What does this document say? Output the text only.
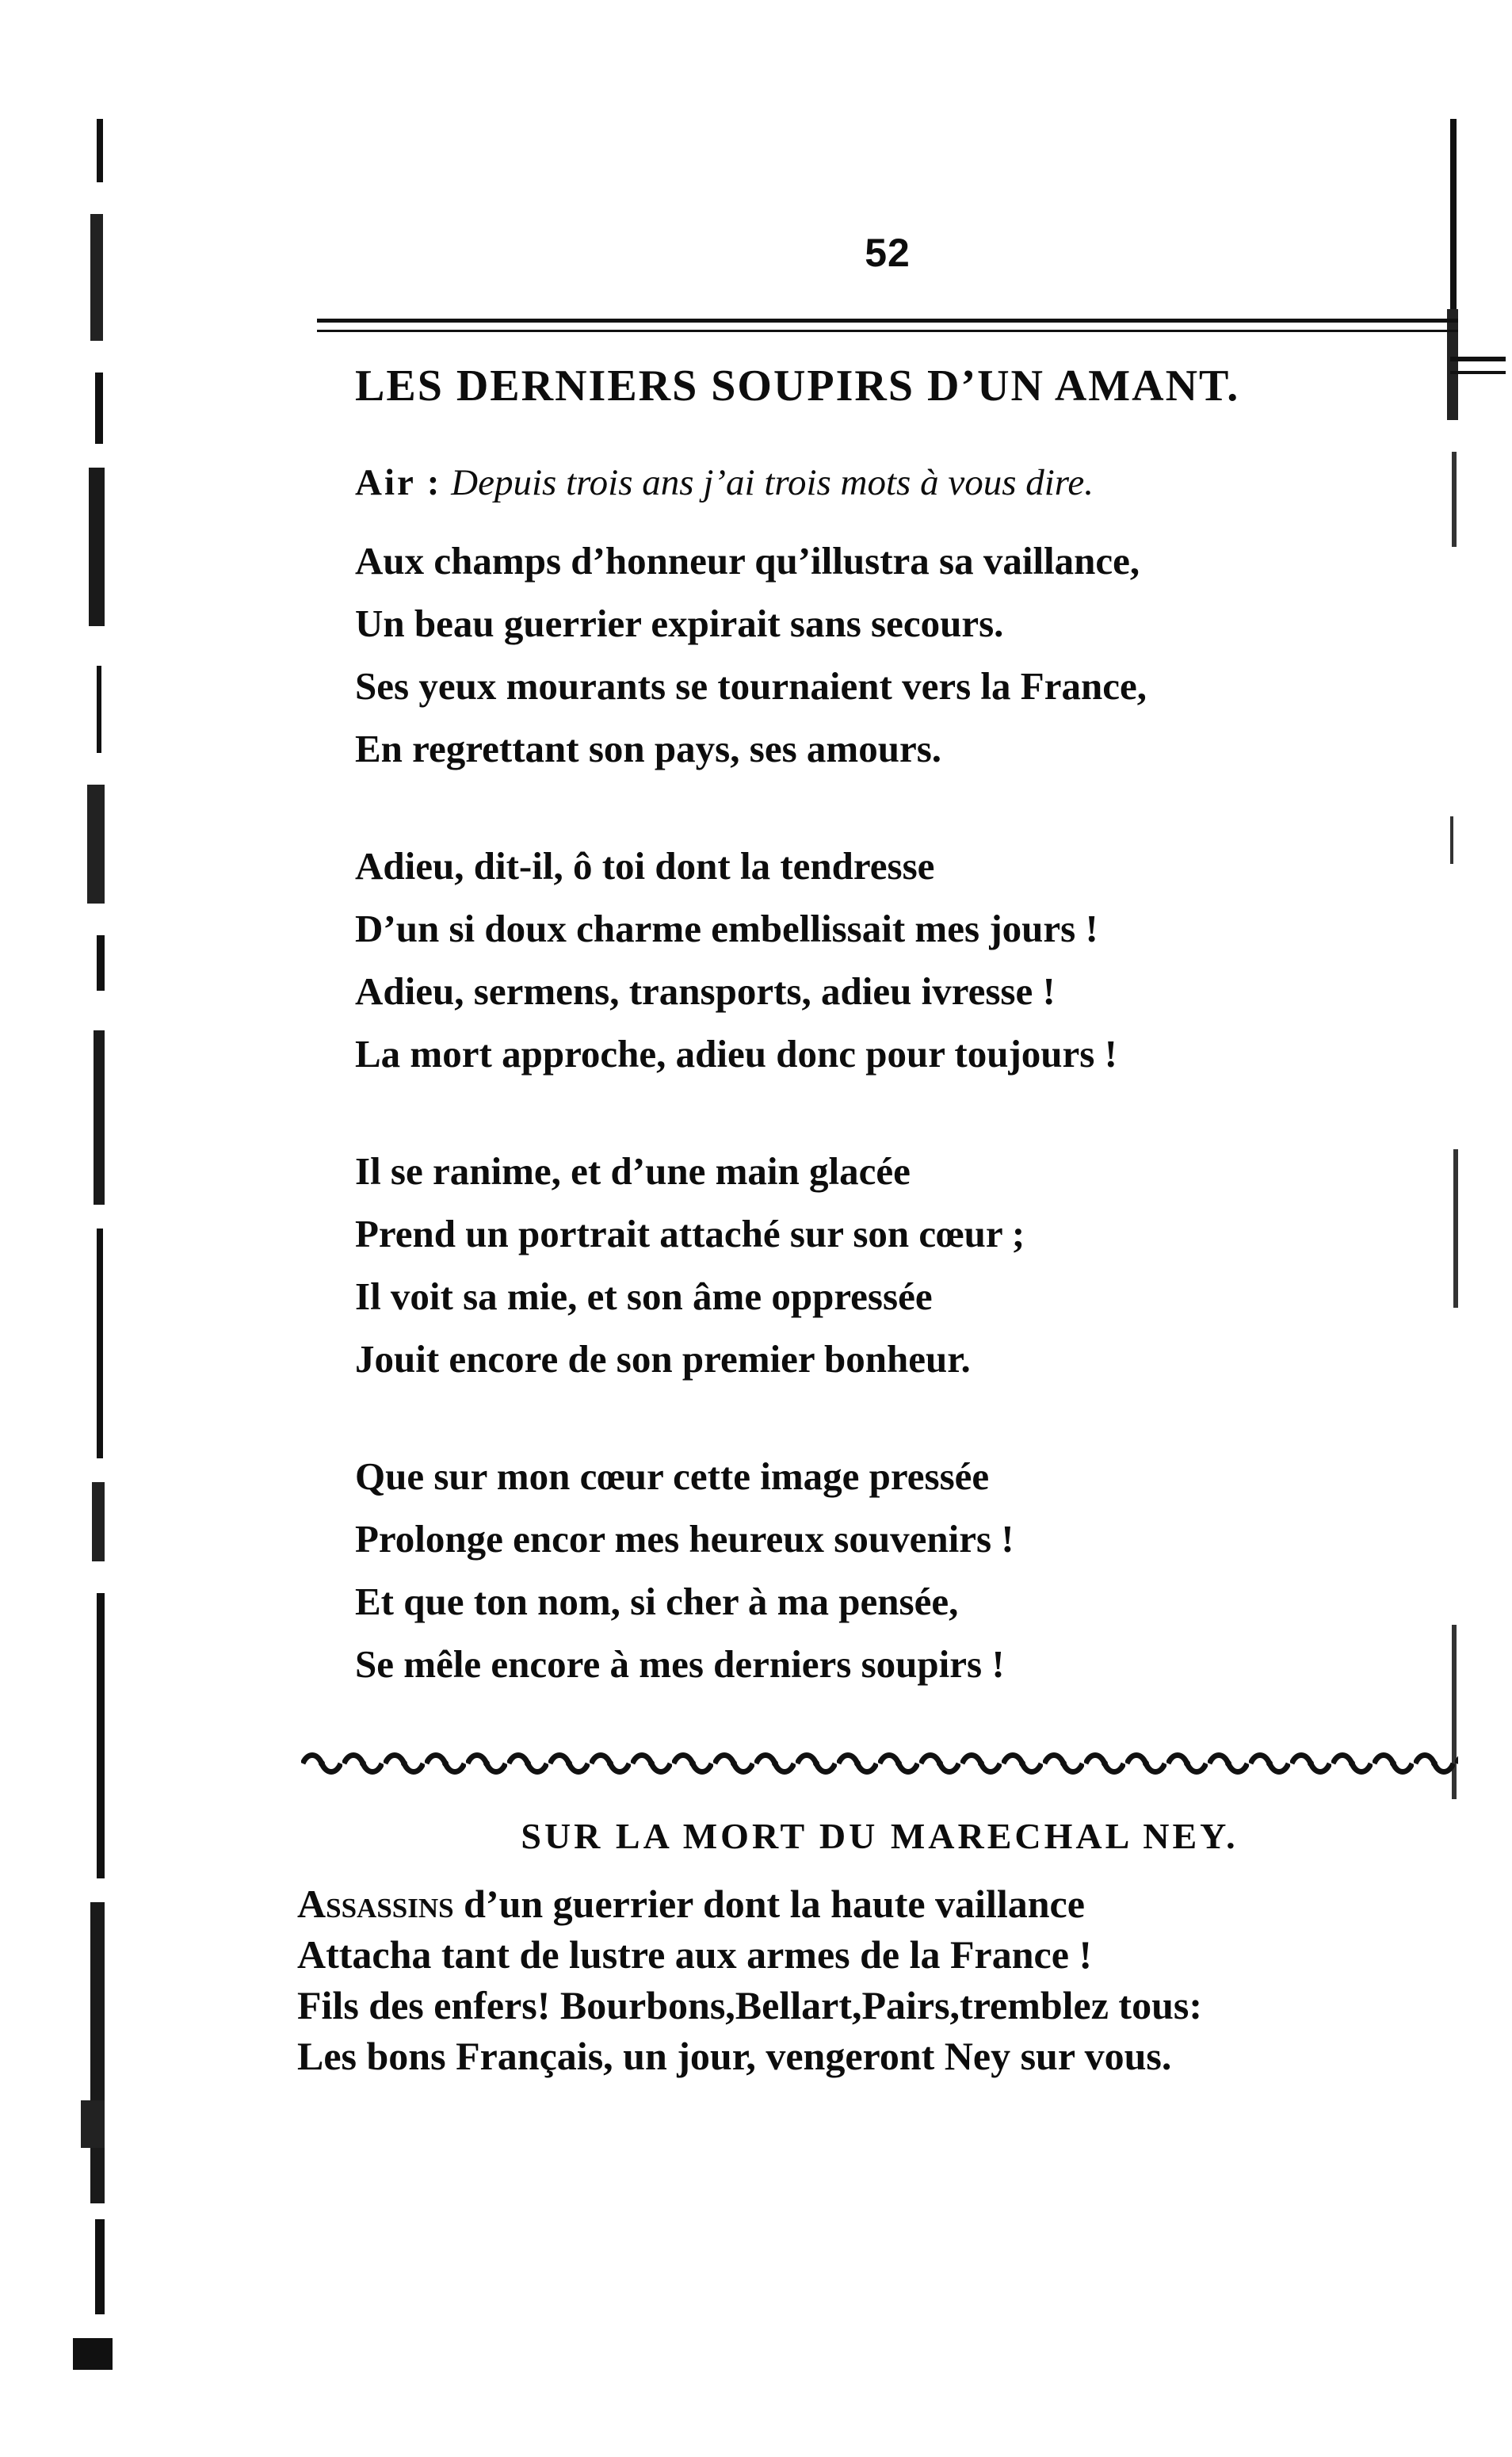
52
LES DERNIERS SOUPIRS D’UN AMANT.
Air : Depuis trois ans j’ai trois mots à vous dire.
Aux champs d’honneur qu’illustra sa vaillance,
Un beau guerrier expirait sans secours.
Ses yeux mourants se tournaient vers la France,
En regrettant son pays, ses amours.
Adieu, dit-il, ô toi dont la tendresse
D’un si doux charme embellissait mes jours !
Adieu, sermens, transports, adieu ivresse !
La mort approche, adieu donc pour toujours !
Il se ranime, et d’une main glacée
Prend un portrait attaché sur son cœur ;
Il voit sa mie, et son âme oppressée
Jouit encore de son premier bonheur.
Que sur mon cœur cette image pressée
Prolonge encor mes heureux souvenirs !
Et que ton nom, si cher à ma pensée,
Se mêle encore à mes derniers soupirs !
SUR LA MORT DU MARECHAL NEY.
Assassins d’un guerrier dont la haute vaillance
Attacha tant de lustre aux armes de la France !
Fils des enfers! Bourbons,Bellart,Pairs,tremblez tous:
Les bons Français, un jour, vengeront Ney sur vous.
